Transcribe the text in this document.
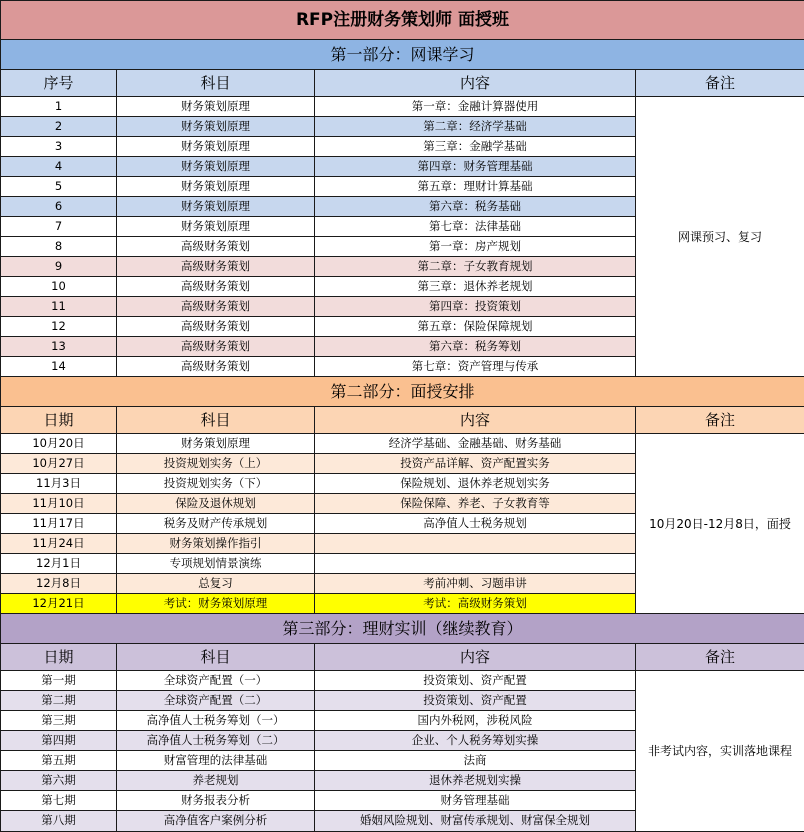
RFP注册财务策划师 面授班			
第一部分：网课学习			
序号	科目	内容	备注
1	财务策划原理	第一章：金融计算器使用	网课预习、复习
2	财务策划原理	第二章：经济学基础	
3	财务策划原理	第三章：金融学基础	
4	财务策划原理	第四章：财务管理基础	
5	财务策划原理	第五章：理财计算基础	
6	财务策划原理	第六章：税务基础	
7	财务策划原理	第七章：法律基础	
8	高级财务策划	第一章：房产规划	
9	高级财务策划	第二章：子女教育规划	
10	高级财务策划	第三章：退休养老规划	
11	高级财务策划	第四章：投资策划	
12	高级财务策划	第五章：保险保障规划	
13	高级财务策划	第六章：税务筹划	
14	高级财务策划	第七章：资产管理与传承	
第二部分：面授安排			
日期	科目	内容	备注
10月20日	财务策划原理	经济学基础、金融基础、财务基础	10月20日-12月8日，面授
10月27日	投资规划实务（上）	投资产品详解、资产配置实务	
11月3日	投资规划实务（下）	保险规划、退休养老规划实务	
11月10日	保险及退休规划	保险保障、养老、子女教育等	
11月17日	税务及财产传承规划	高净值人士税务规划	
11月24日	财务策划操作指引		
12月1日	专项规划情景演练		
12月8日	总复习	考前冲刺、习题串讲	
12月21日	考试：财务策划原理	考试：高级财务策划	
第三部分：理财实训（继续教育）			
日期	科目	内容	备注
第一期	全球资产配置（一）	投资策划、资产配置	非考试内容，实训落地课程
第二期	全球资产配置（二）	投资策划、资产配置	
第三期	高净值人士税务筹划（一）	国内外税网，涉税风险	
第四期	高净值人士税务筹划（二）	企业、个人税务筹划实操	
第五期	财富管理的法律基础	法商	
第六期	养老规划	退休养老规划实操	
第七期	财务报表分析	财务管理基础	
第八期	高净值客户案例分析	婚姻风险规划、财富传承规划、财富保全规划	
